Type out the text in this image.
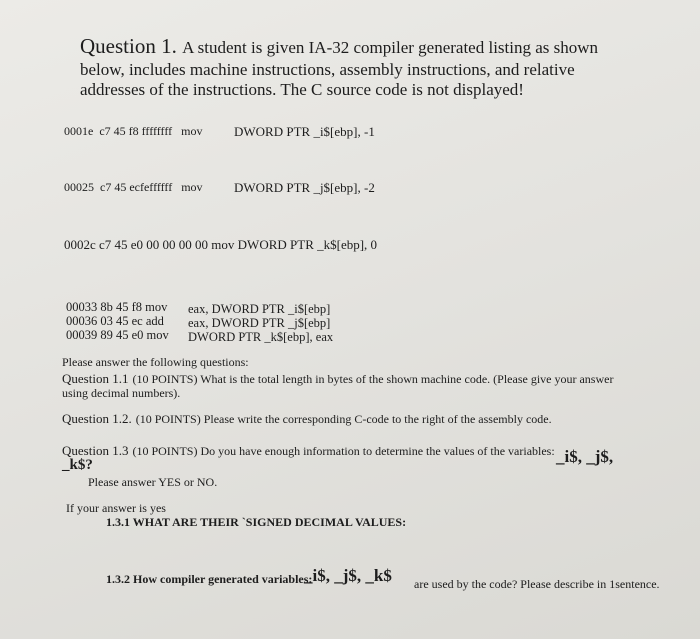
Question 1. A student is given IA-32 compiler generated listing as shown
below, includes machine instructions, assembly instructions, and relative
addresses of the instructions. The C source code is not displayed!
0001e c7 45 f8 ffffffff mov DWORD PTR _i$[ebp], -1
00025 c7 45 ecfeffffff mov DWORD PTR _j$[ebp], -2
0002c c7 45 e0 00 00 00 00 mov DWORD PTR _k$[ebp], 0
00033 8b 45 f8 mov eax, DWORD PTR _i$[ebp]
00036 03 45 ec add eax, DWORD PTR _j$[ebp]
00039 89 45 e0 mov DWORD PTR _k$[ebp], eax
Please answer the following questions:
Question 1.1 (10 POINTS) What is the total length in bytes of the shown machine code. (Please give your answer
using decimal numbers).
Question 1.2. (10 POINTS) Please write the corresponding C-code to the right of the assembly code.
Question 1.3 (10 POINTS) Do you have enough information to determine the values of the variables: _i$, _j$,
_k$?
Please answer YES or NO.
If your answer is yes
1.3.1 WHAT ARE THEIR `SIGNED DECIMAL VALUES:
1.3.2 How compiler generated variables:
_i$, _j$, _k$ are used by the code? Please describe in 1sentence.
